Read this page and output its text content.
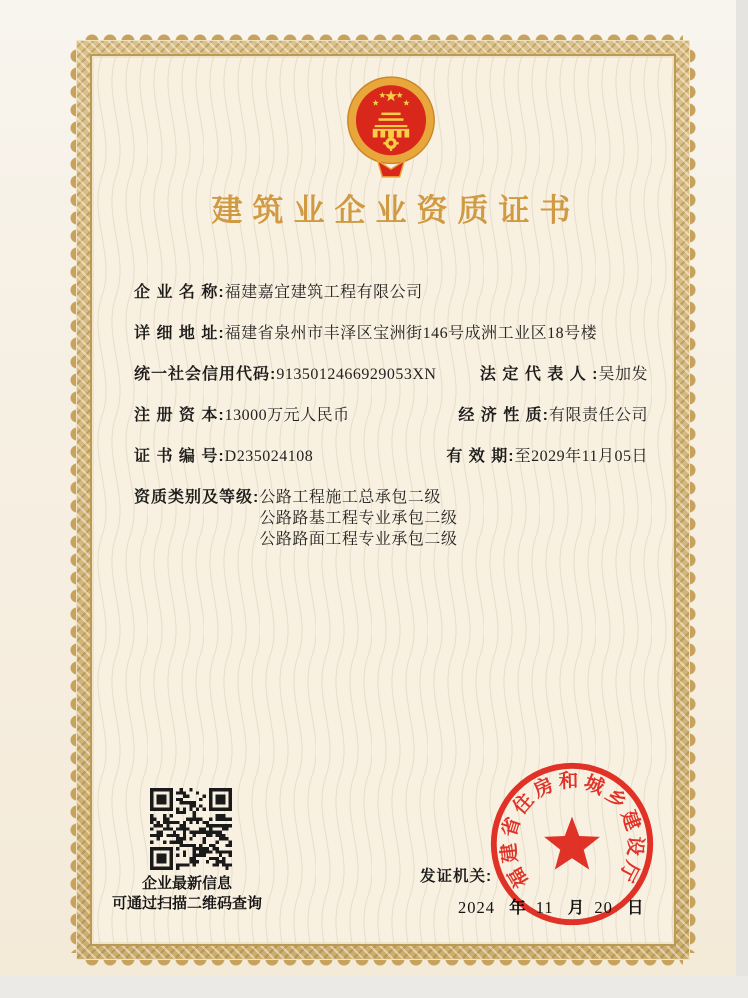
建筑业企业资质证书
企 业 名 称: 福建嘉宜建筑工程有限公司
详 细 地 址: 福建省泉州市丰泽区宝洲街146号成洲工业区18号楼
统一社会信用代码: 9135012466929053XN	法 定 代 表 人 : 吴加发
注 册 资 本: 13000万元人民币	经 济 性 质: 有限责任公司
证 书 编 号: D235024108	有 效 期: 至2029年11月05日
资质类别及等级: 公路工程施工总承包二级
公路路基工程专业承包二级
公路路面工程专业承包二级
企业最新信息
可通过扫描二维码查询
发证机关:
2024 年 11 月 20 日
福建省住房和城乡建设厅
